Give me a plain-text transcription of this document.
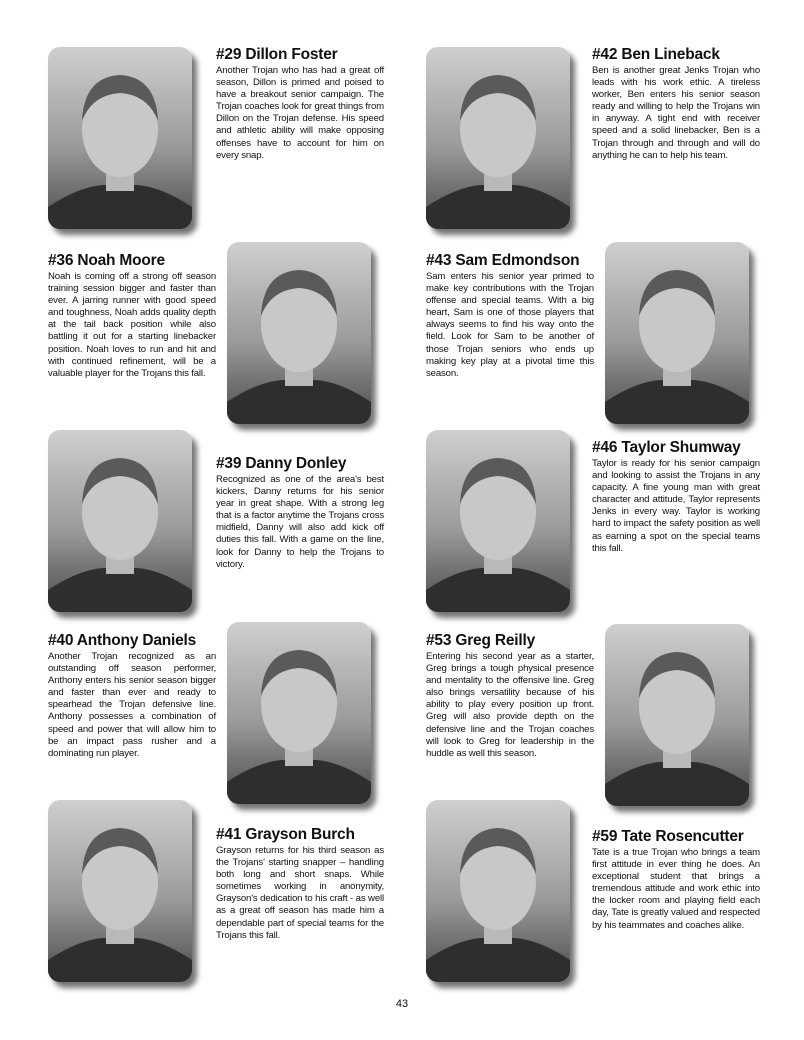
#29 Dillon Foster

Another Trojan who has had a great off season, Dillon is primed and poised to have a breakout senior campaign. The Trojan coaches look for great things from Dillon on the Trojan defense. His speed and athletic ability will make opposing offenses have to account for him on every snap.

#42 Ben Lineback

Ben is another great Jenks Trojan who leads with his work ethic. A tireless worker, Ben enters his senior season ready and willing to help the Trojans win in anyway. A tight end with receiver speed and a solid linebacker, Ben is a Trojan through and through and will do anything he can to help his team.

#36 Noah Moore

Noah is coming off a strong off season training session bigger and faster than ever. A jarring runner with good speed and toughness, Noah adds quality depth at the tail back position while also battling it out for a starting linebacker position. Noah loves to run and hit and with continued refinement, will be a valuable player for the Trojans this fall.

#43 Sam Edmondson

Sam enters his senior year primed to make key contributions with the Trojan offense and special teams. With a big heart, Sam is one of those players that always seems to find his way onto the field. Look for Sam to be another of those Trojan seniors who ends up making key play at a pivotal time this season.

#39 Danny Donley

Recognized as one of the area's best kickers, Danny returns for his senior year in great shape. With a strong leg that is a factor anytime the Trojans cross midfield, Danny will also add kick off duties this fall. With a game on the line, look for Danny to help the Trojans to victory.

#46 Taylor Shumway

Taylor is ready for his senior campaign and looking to assist the Trojans in any capacity. A fine young man with great character and attitude, Taylor represents Jenks in every way. Taylor is working hard to impact the safety position as well as earning a spot on the special teams this fall.

#40 Anthony Daniels

Another Trojan recognized as an outstanding off season performer, Anthony enters his senior season bigger and faster than ever and ready to spearhead the Trojan defensive line. Anthony possesses a combination of speed and power that will allow him to be an impact pass rusher and a dominating run player.

#53 Greg Reilly

Entering his second year as a starter, Greg brings a tough physical presence and mentality to the offensive line. Greg also brings versatility because of his ability to play every position up front. Greg will also provide depth on the defensive line and the Trojan coaches will look to Greg for leadership in the huddle as well this season.

#41 Grayson Burch

Grayson returns for his third season as the Trojans' starting snapper – handling both long and short snaps. While sometimes working in anonymity, Grayson's dedication to his craft - as well as a great off season has made him a dependable part of special teams for the Trojans this fall.

#59 Tate Rosencutter

Tate is a true Trojan who brings a team first attitude in ever thing he does. An exceptional student that brings a tremendous attitude and work ethic into the locker room and playing field each day, Tate is greatly valued and respected by his teammates and coaches alike.

43
